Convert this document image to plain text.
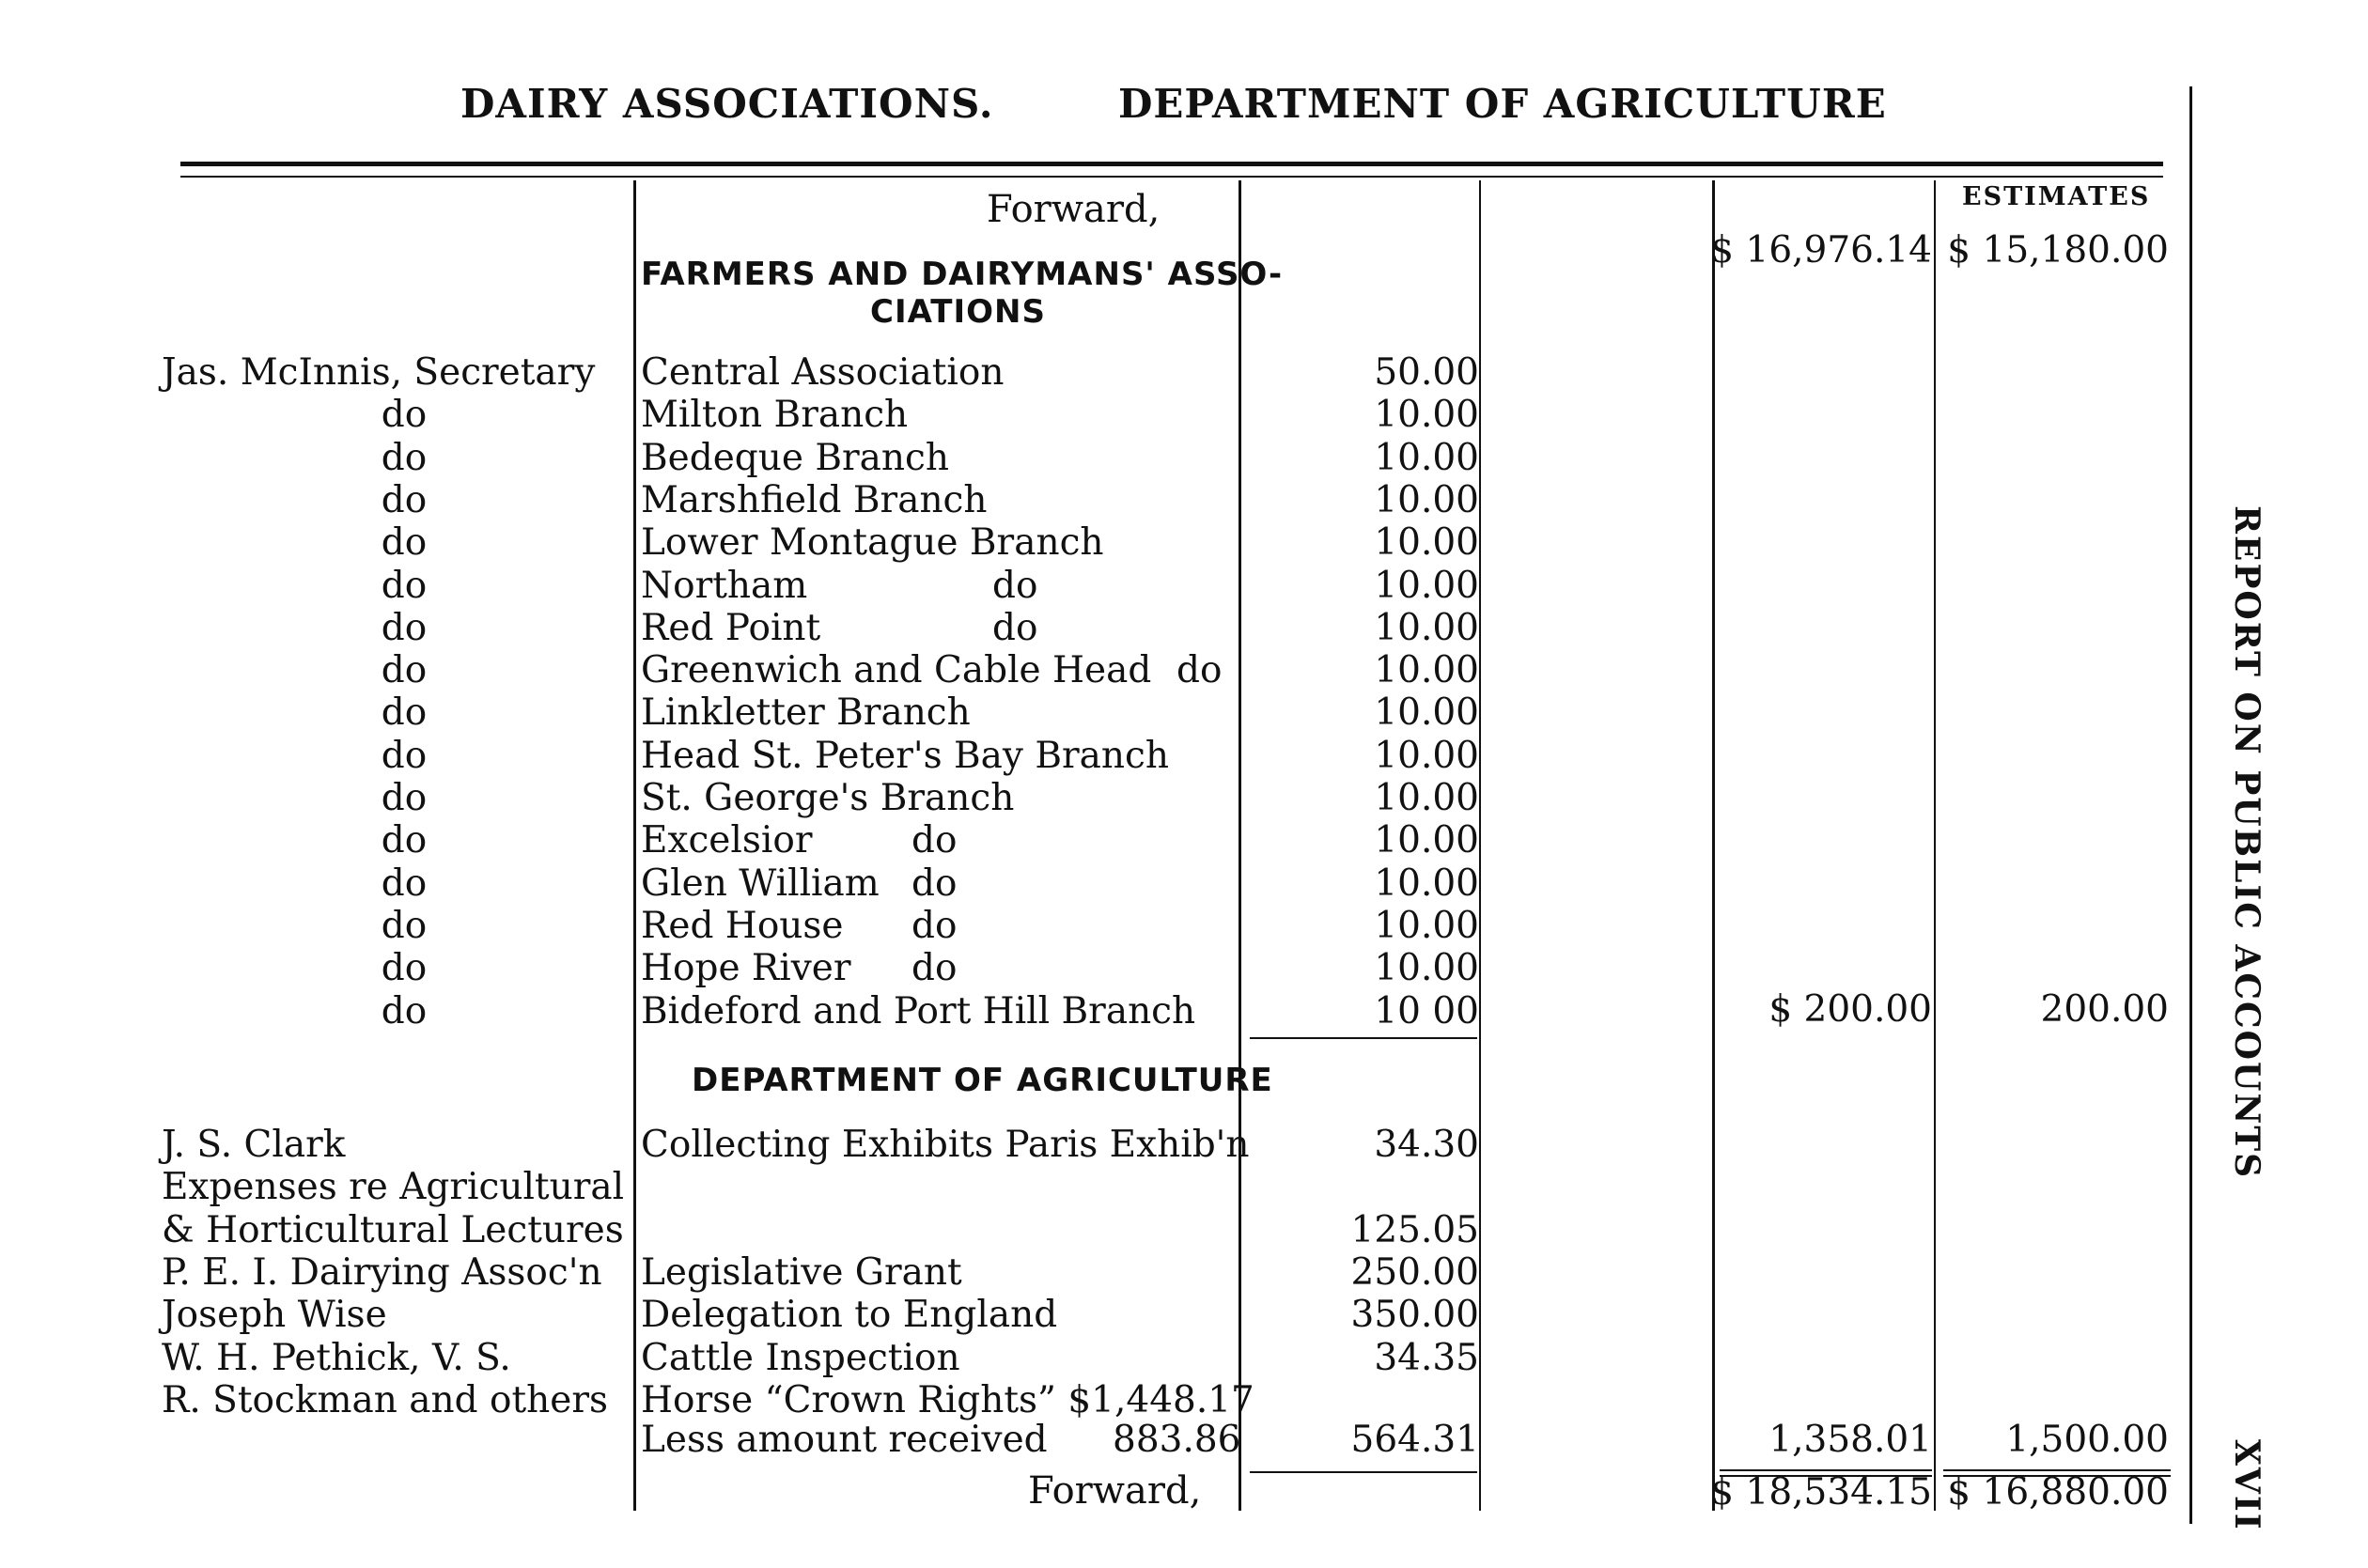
DAIRY ASSOCIATIONS.	DEPARTMENT OF AGRICULTURE
ESTIMATES
Forward,
$ 16,976.14 $ 15,180.00
FARMERS AND DAIRYMANS' ASSO-
CIATIONS
Jas. McInnis, Secretary Central Association	50.00
do	Milton Branch	10.00
do	Bedeque Branch	10.00
do	Marshfield Branch	10.00
do	Lower Montague Branch	10.00
do	Northam	do	10.00
do	Red Point	do	10.00
do	Greenwich and Cable Head do	10.00
do	Linkletter Branch	10.00
do	Head St. Peter's Bay Branch	10.00
do	St. George's Branch	10.00
do	Excelsior	do	10.00
do	Glen William do	10.00
do	Red House do	10.00
do	Hope River do	10.00
do	Bideford and Port Hill Branch	10 00	$ 200.00	200.00
DEPARTMENT OF AGRICULTURE
J. S. Clark	Collecting Exhibits Paris Exhib'n	34.30
Expenses re Agricultural
& Horticultural Lectures	125.05
P. E. I. Dairying Assoc'n Legislative Grant	250.00
Joseph Wise	Delegation to England	350.00
W. H. Pethick, V. S.	Cattle Inspection	34.35
R. Stockman and others Horse “Crown Rights” $1,448.17
Less amount received 883.86	564.31	1,358.01 1,500.00
Forward,	$ 18,534.15 $ 16,880.00
REPORT ON PUBLIC ACCOUNTS
XVII
